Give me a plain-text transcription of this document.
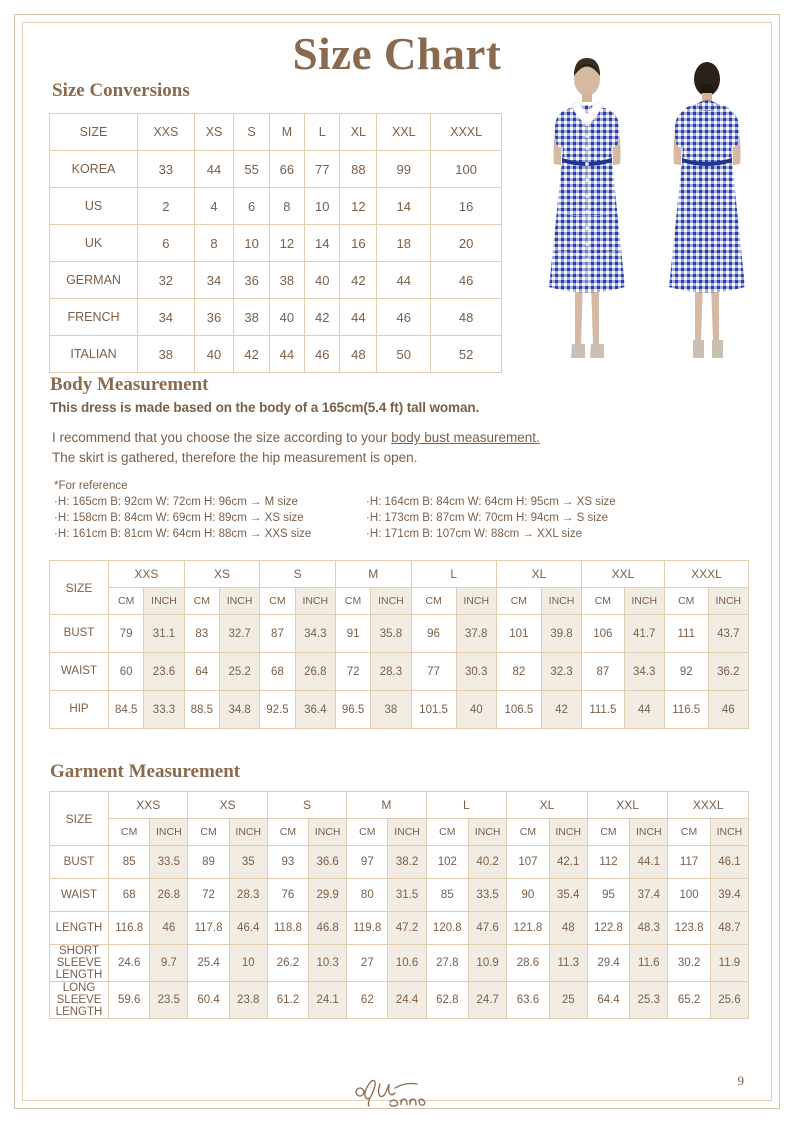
Size Chart
Size Conversions
Body Measurement
Garment Measurement
SIZE	XXS	XS	S	M	L	XL	XXL	XXXL
KOREA	33	44	55	66	77	88	99	100
US	2	4	6	8	10	12	14	16
UK	6	8	10	12	14	16	18	20
GERMAN	32	34	36	38	40	42	44	46
FRENCH	34	36	38	40	42	44	46	48
ITALIAN	38	40	42	44	46	48	50	52
This dress is made based on the body of a 165cm(5.4 ft) tall woman.
I recommend that you choose the size according to your body bust measurement.
The skirt is gathered, therefore the hip measurement is open.
*For reference
·H: 165cm B: 92cm W: 72cm H: 96cm → M size
·H: 158cm B: 84cm W: 69cm H: 89cm → XS size
·H: 161cm B: 81cm W: 64cm H: 88cm → XXS size
·H: 164cm B: 84cm W: 64cm H: 95cm → XS size
·H: 173cm B: 87cm W: 70cm H: 94cm → S size
·H: 171cm B: 107cm W: 88cm → XXL size
SIZE	XXS		XS		S		M		L		XL		XXL		XXXL	
	CM	INCH	CM	INCH	CM	INCH	CM	INCH	CM	INCH	CM	INCH	CM	INCH	CM	INCH
BUST	79	31.1	83	32.7	87	34.3	91	35.8	96	37.8	101	39.8	106	41.7	111	43.7
WAIST	60	23.6	64	25.2	68	26.8	72	28.3	77	30.3	82	32.3	87	34.3	92	36.2
HIP	84.5	33.3	88.5	34.8	92.5	36.4	96.5	38	101.5	40	106.5	42	111.5	44	116.5	46
SIZE	XXS		XS		S		M		L		XL		XXL		XXXL	
	CM	INCH	CM	INCH	CM	INCH	CM	INCH	CM	INCH	CM	INCH	CM	INCH	CM	INCH
BUST	85	33.5	89	35	93	36.6	97	38.2	102	40.2	107	42.1	112	44.1	117	46.1
WAIST	68	26.8	72	28.3	76	29.9	80	31.5	85	33.5	90	35.4	95	37.4	100	39.4
LENGTH	116.8	46	117.8	46.4	118.8	46.8	119.8	47.2	120.8	47.6	121.8	48	122.8	48.3	123.8	48.7
SHORT
SLEEVE
LENGTH	24.6	9.7	25.4	10	26.2	10.3	27	10.6	27.8	10.9	28.6	11.3	29.4	11.6	30.2	11.9
LONG
SLEEVE
LENGTH	59.6	23.5	60.4	23.8	61.2	24.1	62	24.4	62.8	24.7	63.6	25	64.4	25.3	65.2	25.6
9
